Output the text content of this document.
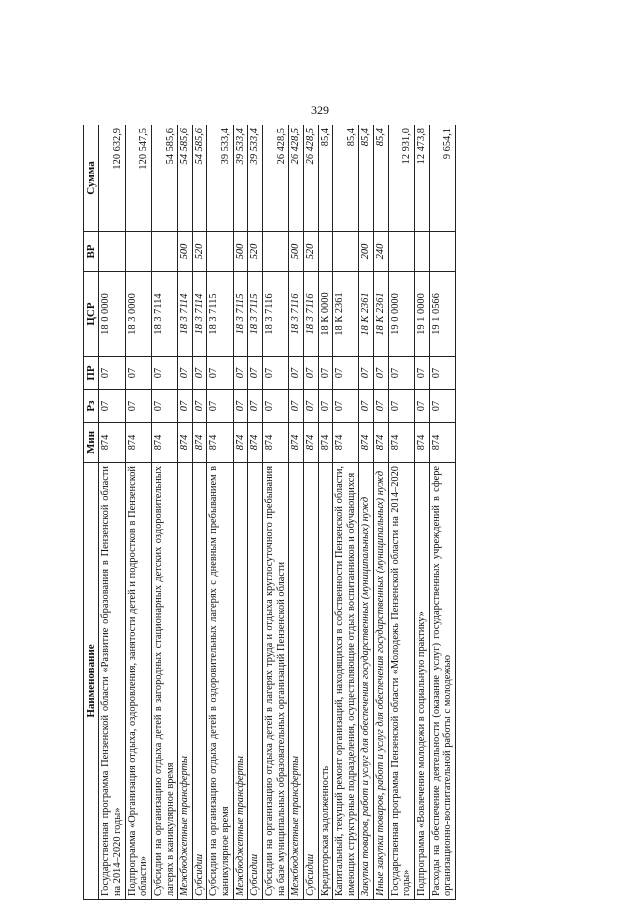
329
Наименование	Мин	Рз	ПР	ЦСР	ВР	Сумма
Государственная программа Пензенской области «Развитие образования в Пензенской области на 2014–2020 годы»	874	07	07	18 0 0000		120 632,9
Подпрограмма «Организация отдыха, оздоровления, занятости детей и подростков в Пензенской области»	874	07	07	18 3 0000		120 547,5
Субсидии на организацию отдыха детей в загородных стационарных детских оздоровительных лагерях в каникулярное время	874	07	07	18 3 7114		54 585,6
Межбюджетные трансферты	874	07	07	18 3 7114	500	54 585,6
Субсидии	874	07	07	18 3 7114	520	54 585,6
Субсидии на организацию отдыха детей в оздоровительных лагерях с дневным пребыванием в каникулярное время	874	07	07	18 3 7115		39 533,4
Межбюджетные трансферты	874	07	07	18 3 7115	500	39 533,4
Субсидии	874	07	07	18 3 7115	520	39 533,4
Субсидии на организацию отдыха детей в лагерях труда и отдыха круглосуточного пребывания на базе муниципальных образовательных организаций Пензенской области	874	07	07	18 3 7116		26 428,5
Межбюджетные трансферты	874	07	07	18 3 7116	500	26 428,5
Субсидии	874	07	07	18 3 7116	520	26 428,5
Кредиторская задолженность	874	07	07	18 К 0000		85,4
Капитальный, текущий ремонт организаций, находящихся в собственности Пензенской области, имеющих структурные подразделения, осуществляющие отдых воспитанников и обучающихся	874	07	07	18 К 2361		85,4
Закупка товаров, работ и услуг для обеспечения государственных (муниципальных) нужд	874	07	07	18 К 2361	200	85,4
Иные закупки товаров, работ и услуг для обеспечения государственных (муниципальных) нужд	874	07	07	18 К 2361	240	85,4
Государственная программа Пензенской области «Молодежь Пензенской области на 2014–2020 годы»	874	07	07	19 0 0000		12 931,0
Подпрограмма «Вовлечение молодежи в социальную практику»	874	07	07	19 1 0000		12 473,8
Расходы на обеспечение деятельности (оказание услуг) государственных учреждений в сфере организационно-воспитательной работы с молодежью	874	07	07	19 1 0566		9 654,1
